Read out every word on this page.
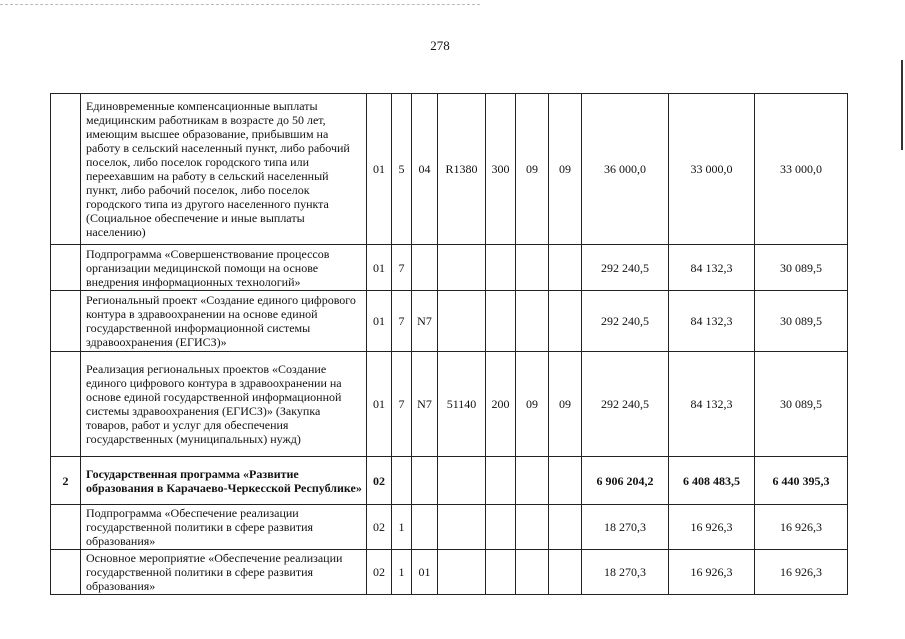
278
	Единовременные компенсационные выплаты медицинским работникам в возрасте до 50 лет, имеющим высшее образование, прибывшим на работу в сельский населенный пункт, либо рабочий поселок, либо поселок городского типа или переехавшим на работу в сельский населенный пункт, либо рабочий поселок, либо поселок городского типа из другого населенного пункта (Социальное обеспечение и иные выплаты населению)	01	5	04	R1380	300	09	09	36 000,0	33 000,0	33 000,0
	Подпрограмма «Совершенствование процессов организации медицинской помощи на основе внедрения информационных технологий»	01	7						292 240,5	84 132,3	30 089,5
	Региональный проект «Создание единого цифрового контура в здравоохранении на основе единой государственной информационной системы здравоохранения (ЕГИСЗ)»	01	7	N7					292 240,5	84 132,3	30 089,5
	Реализация региональных проектов «Создание единого цифрового контура в здравоохранении на основе единой государственной информационной системы здравоохранения (ЕГИСЗ)» (Закупка товаров, работ и услуг для обеспечения государственных (муниципальных) нужд)	01	7	N7	51140	200	09	09	292 240,5	84 132,3	30 089,5
2	Государственная программа «Развитие образования в Карачаево-Черкесской Республике»	02							6 906 204,2	6 408 483,5	6 440 395,3
	Подпрограмма «Обеспечение реализации государственной политики в сфере развития образования»	02	1						18 270,3	16 926,3	16 926,3
	Основное мероприятие «Обеспечение реализации государственной политики в сфере развития образования»	02	1	01					18 270,3	16 926,3	16 926,3
